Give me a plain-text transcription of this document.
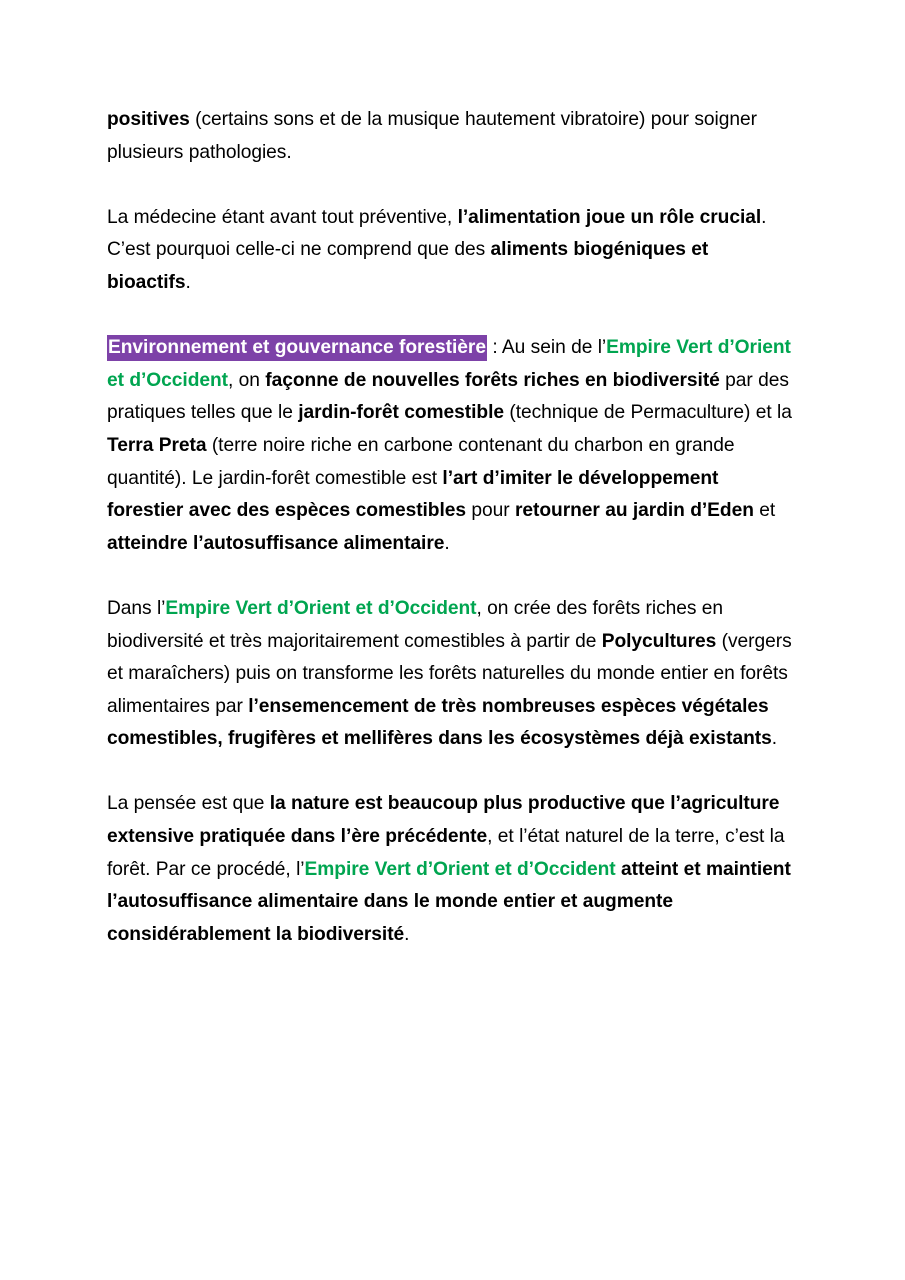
positives (certains sons et de la musique hautement vibratoire) pour soigner plusieurs pathologies.

La médecine étant avant tout préventive, l’alimentation joue un rôle crucial. C’est pourquoi celle-ci ne comprend que des aliments biogéniques et bioactifs.

Environnement et gouvernance forestière : Au sein de l’Empire Vert d’Orient et d’Occident, on façonne de nouvelles forêts riches en biodiversité par des pratiques telles que le jardin-forêt comestible (technique de Permaculture) et la Terra Preta (terre noire riche en carbone contenant du charbon en grande quantité). Le jardin-forêt comestible est l’art d’imiter le développement forestier avec des espèces comestibles pour retourner au jardin d’Eden et atteindre l’autosuffisance alimentaire.

Dans l’Empire Vert d’Orient et d’Occident, on crée des forêts riches en biodiversité et très majoritairement comestibles à partir de Polycultures (vergers et maraîchers) puis on transforme les forêts naturelles du monde entier en forêts alimentaires par l’ensemencement de très nombreuses espèces végétales comestibles, frugifères et mellifères dans les écosystèmes déjà existants.

La pensée est que la nature est beaucoup plus productive que l’agriculture extensive pratiquée dans l’ère précédente, et l’état naturel de la terre, c’est la forêt. Par ce procédé, l’Empire Vert d’Orient et d’Occident atteint et maintient l’autosuffisance alimentaire dans le monde entier et augmente considérablement la biodiversité.
